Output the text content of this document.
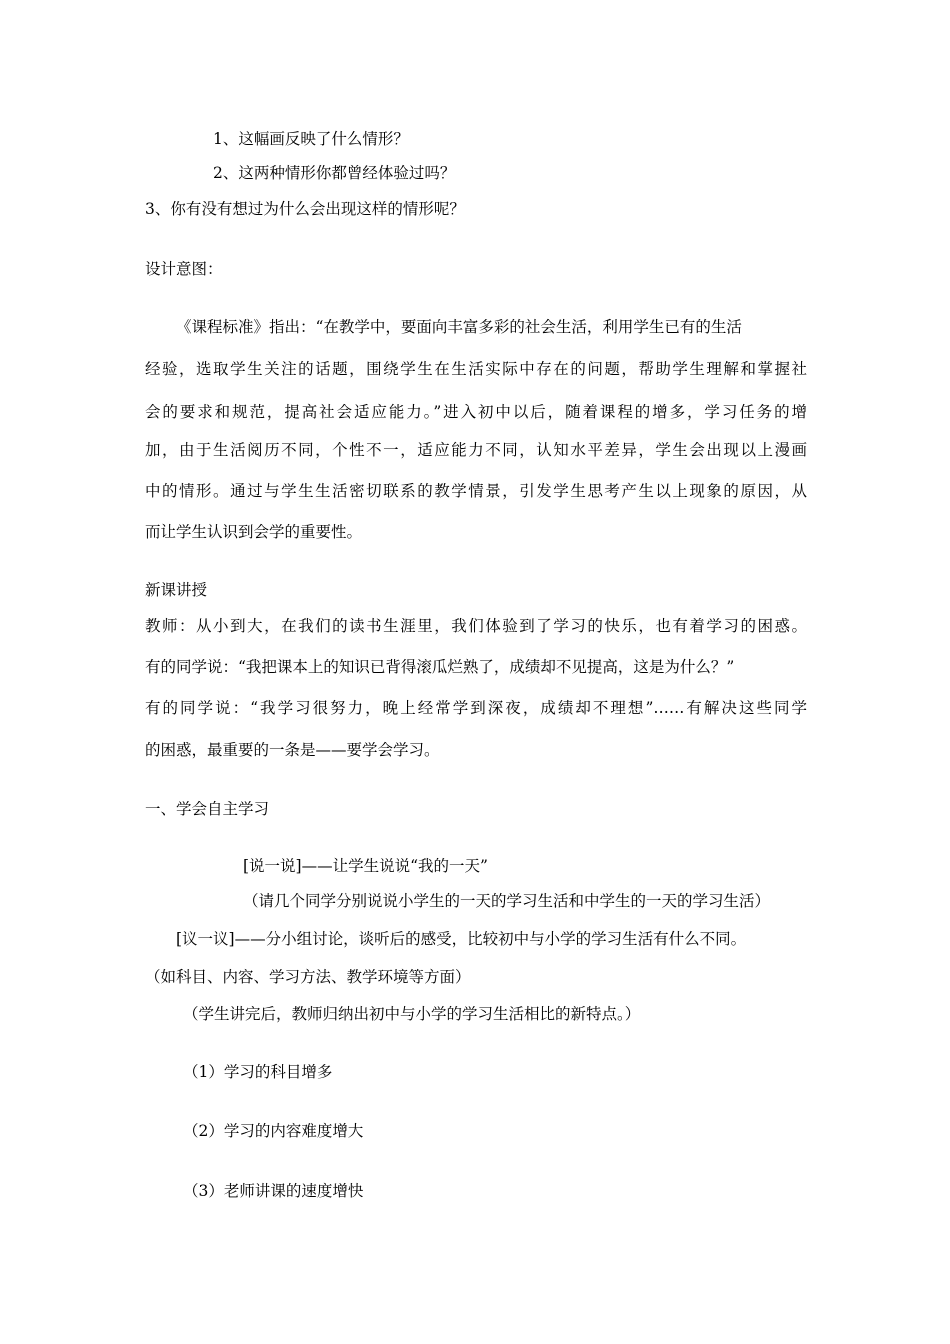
1、这幅画反映了什么情形？
2、这两种情形你都曾经体验过吗？
3、你有没有想过为什么会出现这样的情形呢？
设计意图：
《课程标准》指出：“在教学中，要面向丰富多彩的社会生活，利用学生已有的生活
经验，选取学生关注的话题，围绕学生在生活实际中存在的问题，帮助学生理解和掌握社
会的要求和规范，提高社会适应能力。”进入初中以后，随着课程的增多，学习任务的增
加，由于生活阅历不同，个性不一，适应能力不同，认知水平差异，学生会出现以上漫画
中的情形。通过与学生生活密切联系的教学情景，引发学生思考产生以上现象的原因，从
而让学生认识到会学的重要性。
新课讲授
教师：从小到大，在我们的读书生涯里，我们体验到了学习的快乐，也有着学习的困惑。
有的同学说：“我把课本上的知识已背得滚瓜烂熟了，成绩却不见提高，这是为什么？”
有的同学说：“我学习很努力，晚上经常学到深夜，成绩却不理想”……有解决这些同学
的困惑，最重要的一条是——要学会学习。
一、学会自主学习
[说一说]——让学生说说“我的一天”
（请几个同学分别说说小学生的一天的学习生活和中学生的一天的学习生活）
[议一议]——分小组讨论，谈听后的感受，比较初中与小学的学习生活有什么不同。
（如科目、内容、学习方法、教学环境等方面）
（学生讲完后，教师归纳出初中与小学的学习生活相比的新特点。）
（1）学习的科目增多
（2）学习的内容难度增大
（3）老师讲课的速度增快
